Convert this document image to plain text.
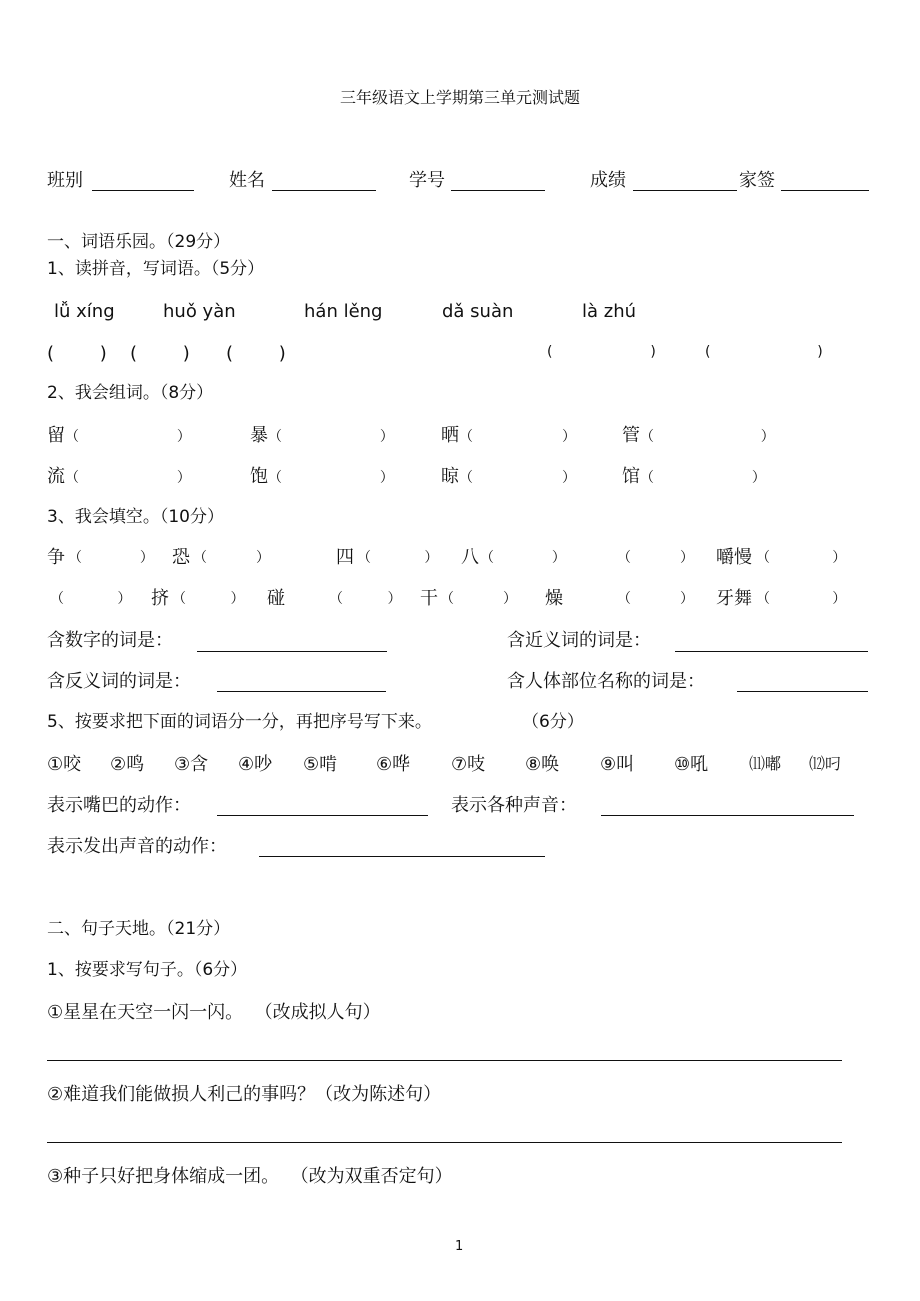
三年级语文上学期第三单元测试题
班别	姓名	学号	成绩	家签
一、词语乐园。（29分）
1、读拼音，写词语。（5分）
lǚ xíng	huǒ yàn	hán lěng	dǎ suàn	là zhú
(        ) (        ) (        )	(                      )	(                        )
2、我会组词。（8分）
留（                      ）	暴（                      ）	晒（                    ）	管（                        ）
流（                      ）	饱（                      ）	晾（                    ）	馆（                      ）
3、我会填空。（10分）
争 （             ） 恐 （           ）	四 （            ） 八 （             ）	（           ） 嚼慢 （              ）
（            ） 挤 （          ） 碰	（          ） 干 （           ） 燥	（           ） 牙舞 （              ）
含数字的词是：	含近义词的词是：
含反义词的词是：	含人体部位名称的词是：
5、按要求把下面的词语分一分，再把序号写下来。	（6分）
①咬 ②鸣 ③含 ④吵 ⑤啃 ⑥哗 ⑦吱 ⑧唤 ⑨叫 ⑩吼	⑾嘟 ⑿叼
表示嘴巴的动作：	表示各种声音：
表示发出声音的动作：
二、句子天地。（21分）
1、按要求写句子。（6分）
①星星在天空一闪一闪。 （改成拟人句）
②难道我们能做损人利己的事吗？（改为陈述句）
③种子只好把身体缩成一团。 （改为双重否定句）
1
